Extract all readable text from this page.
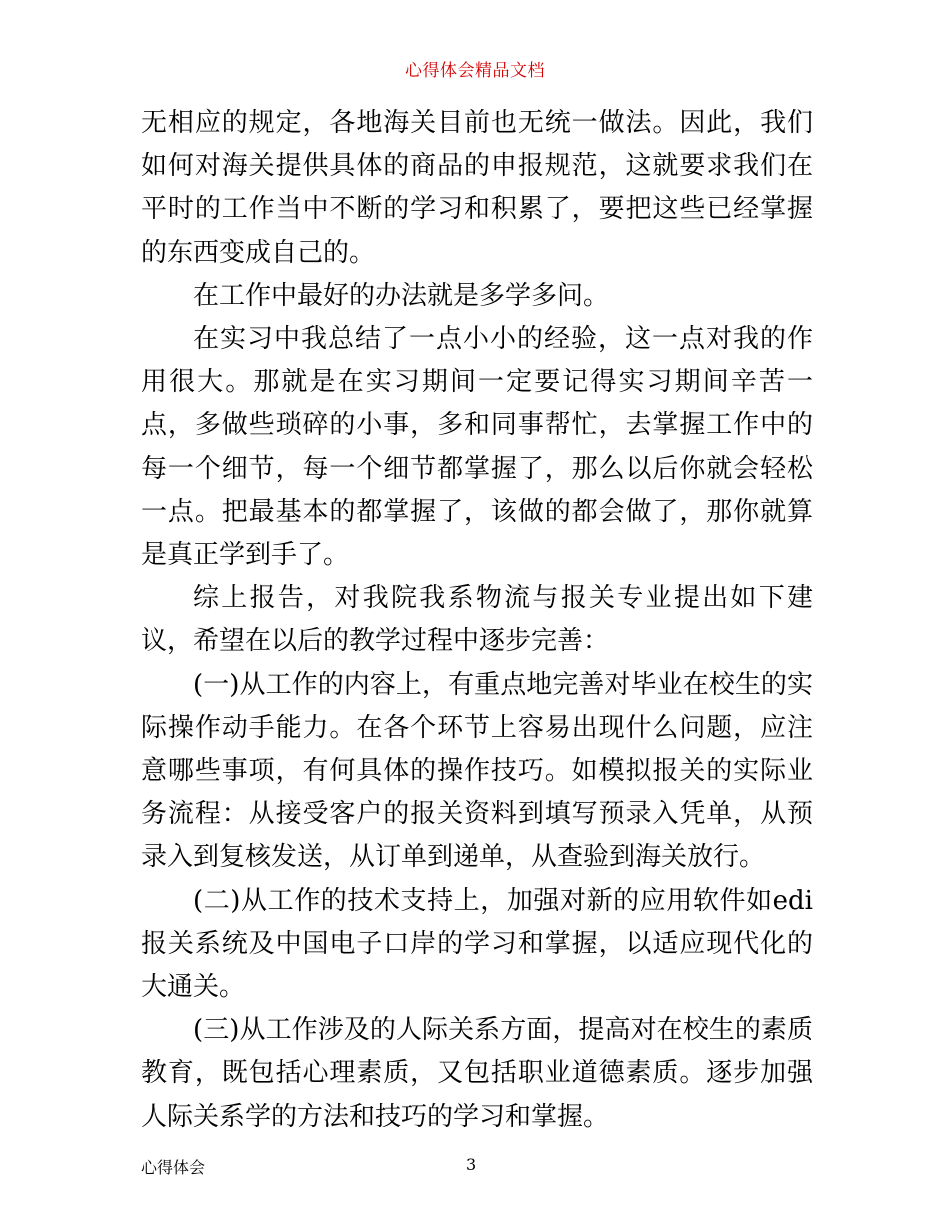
心得体会精品文档

无相应的规定，各地海关目前也无统一做法。因此，我们如何对海关提供具体的商品的申报规范，这就要求我们在平时的工作当中不断的学习和积累了，要把这些已经掌握的东西变成自己的。

在工作中最好的办法就是多学多问。

在实习中我总结了一点小小的经验，这一点对我的作用很大。那就是在实习期间一定要记得实习期间辛苦一点，多做些琐碎的小事，多和同事帮忙，去掌握工作中的每一个细节，每一个细节都掌握了，那么以后你就会轻松一点。把最基本的都掌握了，该做的都会做了，那你就算是真正学到手了。

综上报告，对我院我系物流与报关专业提出如下建议，希望在以后的教学过程中逐步完善：

(一)从工作的内容上，有重点地完善对毕业在校生的实际操作动手能力。在各个环节上容易出现什么问题，应注意哪些事项，有何具体的操作技巧。如模拟报关的实际业务流程：从接受客户的报关资料到填写预录入凭单，从预录入到复核发送，从订单到递单，从查验到海关放行。

(二)从工作的技术支持上，加强对新的应用软件如edi报关系统及中国电子口岸的学习和掌握，以适应现代化的大通关。

(三)从工作涉及的人际关系方面，提高对在校生的素质教育，既包括心理素质，又包括职业道德素质。逐步加强人际关系学的方法和技巧的学习和掌握。

心得体会	3
